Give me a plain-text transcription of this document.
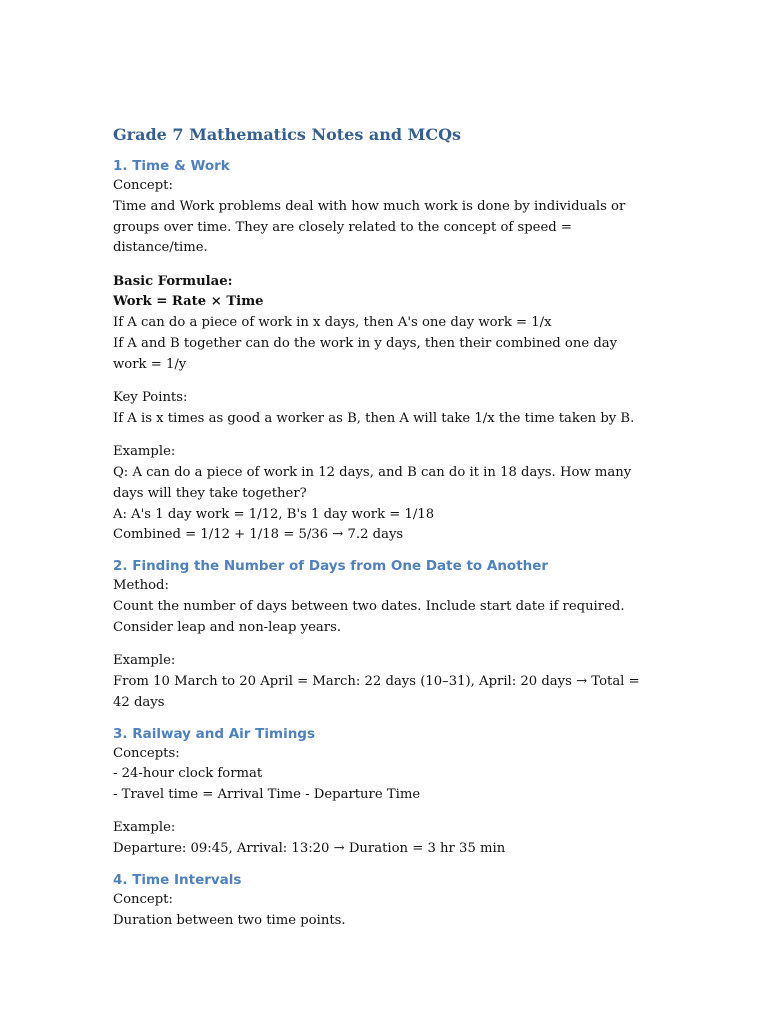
Grade 7 Mathematics Notes and MCQs
1. Time & Work

Concept:

Time and Work problems deal with how much work is done by individuals or groups over time. They are closely related to the concept of speed = distance/time.

Basic Formulae:

Work = Rate × Time

If A can do a piece of work in x days, then A's one day work = 1/x

If A and B together can do the work in y days, then their combined one day work = 1/y

Key Points:

If A is x times as good a worker as B, then A will take 1/x the time taken by B.

Example:

Q: A can do a piece of work in 12 days, and B can do it in 18 days. How many days will they take together?

A: A's 1 day work = 1/12, B's 1 day work = 1/18

Combined = 1/12 + 1/18 = 5/36 → 7.2 days

2. Finding the Number of Days from One Date to Another

Method:

Count the number of days between two dates. Include start date if required. Consider leap and non-leap years.

Example:

From 10 March to 20 April = March: 22 days (10–31), April: 20 days → Total = 42 days

3. Railway and Air Timings

Concepts:

- 24-hour clock format

- Travel time = Arrival Time - Departure Time

Example:

Departure: 09:45, Arrival: 13:20 → Duration = 3 hr 35 min

4. Time Intervals

Concept:

Duration between two time points.
